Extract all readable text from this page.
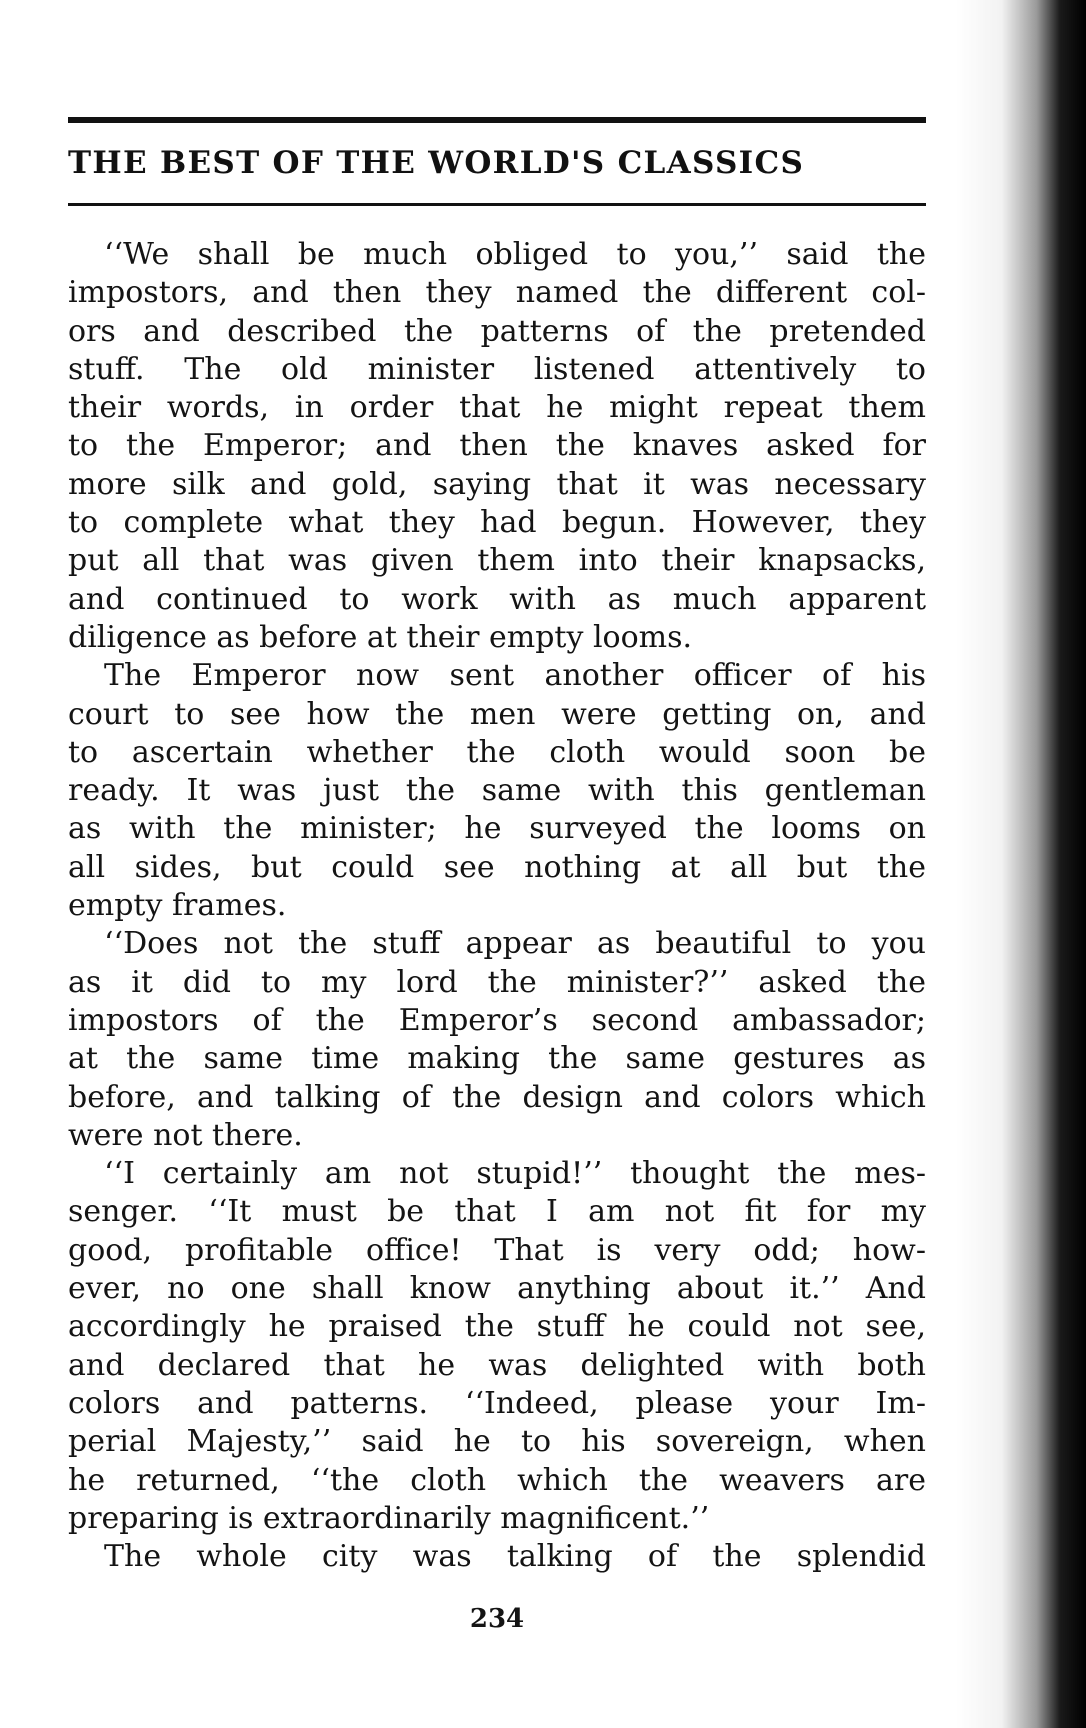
THE BEST OF THE WORLD'S CLASSICS
‘‘We shall be much obliged to you,’’ said the
impostors, and then they named the different col-
ors and described the patterns of the pretended
stuff. The old minister listened attentively to
their words, in order that he might repeat them
to the Emperor; and then the knaves asked for
more silk and gold, saying that it was necessary
to complete what they had begun. However, they
put all that was given them into their knapsacks,
and continued to work with as much apparent
diligence as before at their empty looms.
The Emperor now sent another officer of his
court to see how the men were getting on, and
to ascertain whether the cloth would soon be
ready. It was just the same with this gentleman
as with the minister; he surveyed the looms on
all sides, but could see nothing at all but the
empty frames.
‘‘Does not the stuff appear as beautiful to you
as it did to my lord the minister?’’ asked the
impostors of the Emperor’s second ambassador;
at the same time making the same gestures as
before, and talking of the design and colors which
were not there.
‘‘I certainly am not stupid!’’ thought the mes-
senger. ‘‘It must be that I am not fit for my
good, profitable office! That is very odd; how-
ever, no one shall know anything about it.’’ And
accordingly he praised the stuff he could not see,
and declared that he was delighted with both
colors and patterns. ‘‘Indeed, please your Im-
perial Majesty,’’ said he to his sovereign, when
he returned, ‘‘the cloth which the weavers are
preparing is extraordinarily magnificent.’’
The whole city was talking of the splendid
234
